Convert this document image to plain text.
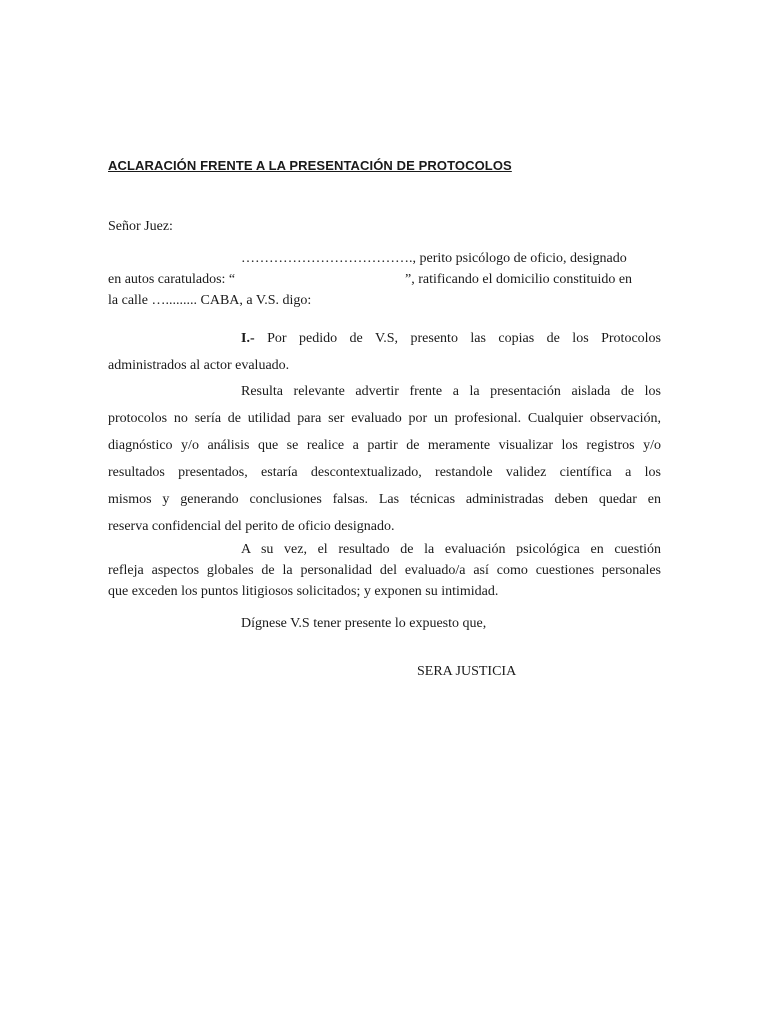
ACLARACIÓN FRENTE A LA PRESENTACIÓN DE PROTOCOLOS
Señor Juez:
………………………………., perito psicólogo de oficio, designado
en autos caratulados: “	”, ratificando el domicilio constituido en
la calle …......... CABA, a V.S. digo:
I.- Por pedido de V.S, presento las copias de los Protocolos
administrados al actor evaluado.
Resulta relevante advertir frente a la presentación aislada de los
protocolos no sería de utilidad para ser evaluado por un profesional. Cualquier observación,
diagnóstico y/o análisis que se realice a partir de meramente visualizar los registros y/o
resultados presentados, estaría descontextualizado, restandole validez científica a los
mismos y generando conclusiones falsas. Las técnicas administradas deben quedar en
reserva confidencial del perito de oficio designado.
A su vez, el resultado de la evaluación psicológica en cuestión
refleja aspectos globales de la personalidad del evaluado/a así como cuestiones personales
que exceden los puntos litigiosos solicitados; y exponen su intimidad.
Dígnese V.S tener presente lo expuesto que,
SERA JUSTICIA
